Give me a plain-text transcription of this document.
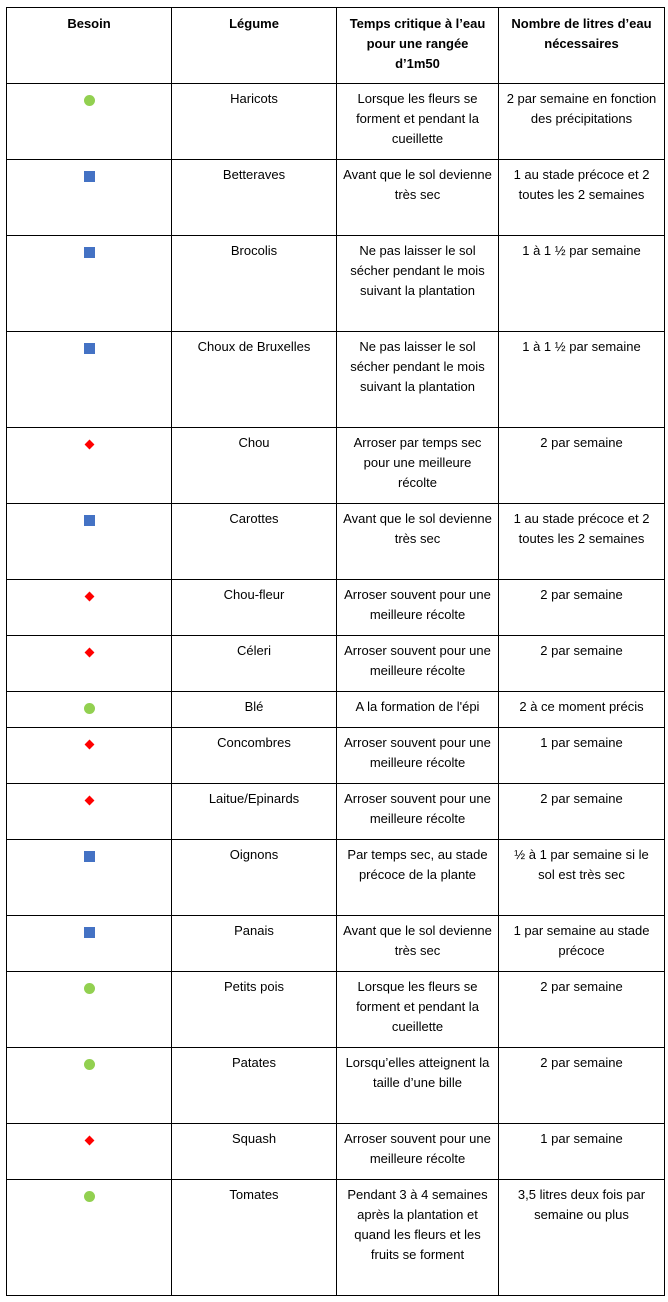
Besoin	Légume	Temps critique à l’eau pour une rangée d’1m50	Nombre de litres d’eau nécessaires
	Haricots	Lorsque les fleurs se forment et pendant la cueillette	2 par semaine en fonction des précipitations
	Betteraves	Avant que le sol devienne très sec	1 au stade précoce et 2 toutes les 2 semaines
	Brocolis	Ne pas laisser le sol sécher pendant le mois suivant la plantation	1 à 1 ½ par semaine
	Choux de Bruxelles	Ne pas laisser le sol sécher pendant le mois suivant la plantation	1 à 1 ½ par semaine
	Chou	Arroser par temps sec pour une meilleure récolte	2 par semaine
	Carottes	Avant que le sol devienne très sec	1 au stade précoce et 2 toutes les 2 semaines
	Chou-fleur	Arroser souvent pour une meilleure récolte	2 par semaine
	Céleri	Arroser souvent pour une meilleure récolte	2 par semaine
	Blé	A la formation de l'épi	2 à ce moment précis
	Concombres	Arroser souvent pour une meilleure récolte	1 par semaine
	Laitue/Epinards	Arroser souvent pour une meilleure récolte	2 par semaine
	Oignons	Par temps sec, au stade précoce de la plante	½ à 1 par semaine si le sol est très sec
	Panais	Avant que le sol devienne très sec	1 par semaine au stade précoce
	Petits pois	Lorsque les fleurs se forment et pendant la cueillette	2 par semaine
	Patates	Lorsqu’elles atteignent la taille d’une bille	2 par semaine
	Squash	Arroser souvent pour une meilleure récolte	1 par semaine
	Tomates	Pendant 3 à 4 semaines après la plantation et quand les fleurs et les fruits se forment	3,5 litres deux fois par semaine ou plus
